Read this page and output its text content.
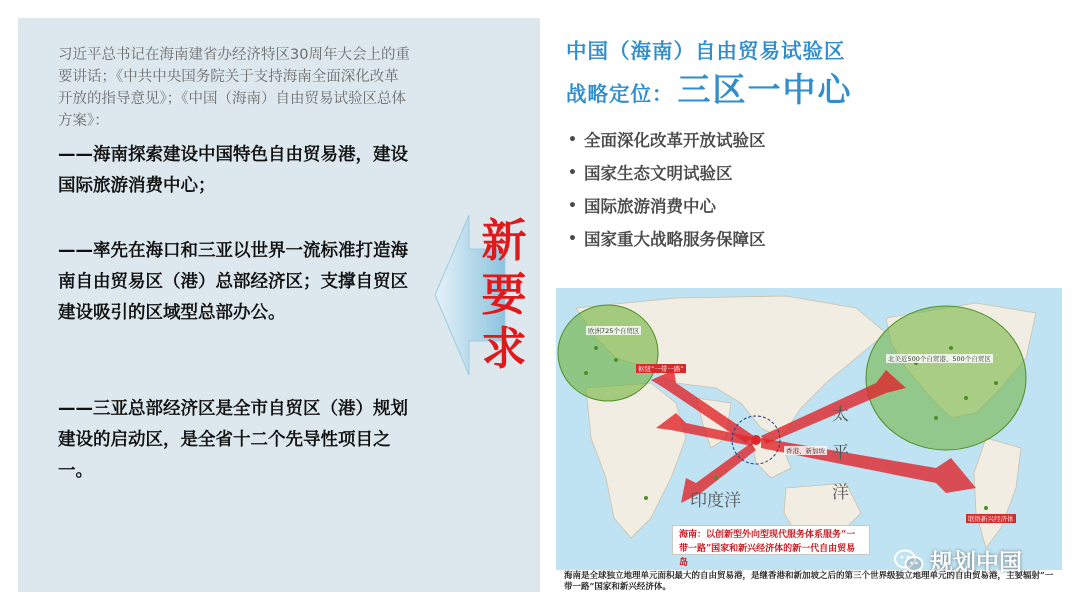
习近平总书记在海南建省办经济特区30周年大会上的重要讲话；《中共中央国务院关于支持海南全面深化改革开放的指导意见》；《中国（海南）自由贸易试验区总体方案》：
——海南探索建设中国特色自由贸易港，建设国际旅游消费中心；
——率先在海口和三亚以世界一流标准打造海南自由贸易区（港）总部经济区；支撑自贸区建设吸引的区域型总部办公。
——三亚总部经济区是全市自贸区（港）规划建设的启动区，是全省十二个先导性项目之一。
新
要
求
中国（海南）自由贸易试验区
战略定位： 三区一中心
• 全面深化改革开放试验区
• 国家生态文明试验区
• 国际旅游消费中心
• 国家重大战略服务保障区
欧洲725个自贸区
北美近500个自贸港、500个自贸区
枢纽“一带一路”
香港、新加坡
联络新兴经济体
印度洋
太
平
洋
海南：以创新型外向型现代服务体系服务“一带一路”国家和新兴经济体的新一代自由贸易岛
海南是全球独立地理单元面积最大的自由贸易港，是继香港和新加坡之后的第三个世界级独立地理单元的自由贸易港，主要辐射“一带一路”国家和新兴经济体。
规划中国
